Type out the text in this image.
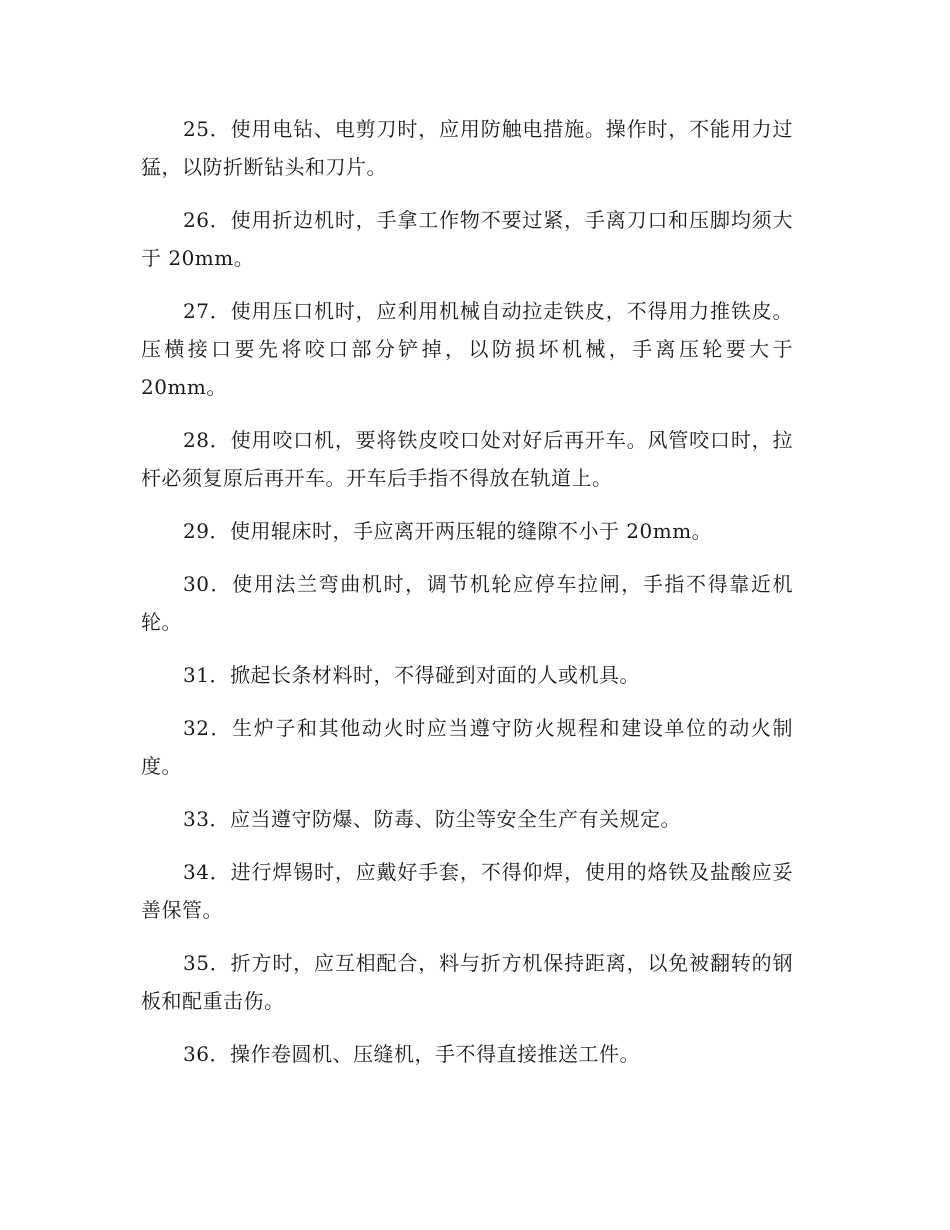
25．使用电钻、电剪刀时，应用防触电措施。操作时，不能用力过猛，以防折断钻头和刀片。

26．使用折边机时，手拿工作物不要过紧，手离刀口和压脚均须大于 20mm。

27．使用压口机时，应利用机械自动拉走铁皮，不得用力推铁皮。压横接口要先将咬口部分铲掉，以防损坏机械，手离压轮要大于 20mm。

28．使用咬口机，要将铁皮咬口处对好后再开车。风管咬口时，拉杆必须复原后再开车。开车后手指不得放在轨道上。

29．使用辊床时，手应离开两压辊的缝隙不小于 20mm。

30．使用法兰弯曲机时，调节机轮应停车拉闸，手指不得靠近机轮。

31．掀起长条材料时，不得碰到对面的人或机具。

32．生炉子和其他动火时应当遵守防火规程和建设单位的动火制度。

33．应当遵守防爆、防毒、防尘等安全生产有关规定。

34．进行焊锡时，应戴好手套，不得仰焊，使用的烙铁及盐酸应妥善保管。

35．折方时，应互相配合，料与折方机保持距离，以免被翻转的钢板和配重击伤。

36．操作卷圆机、压缝机，手不得直接推送工件。
